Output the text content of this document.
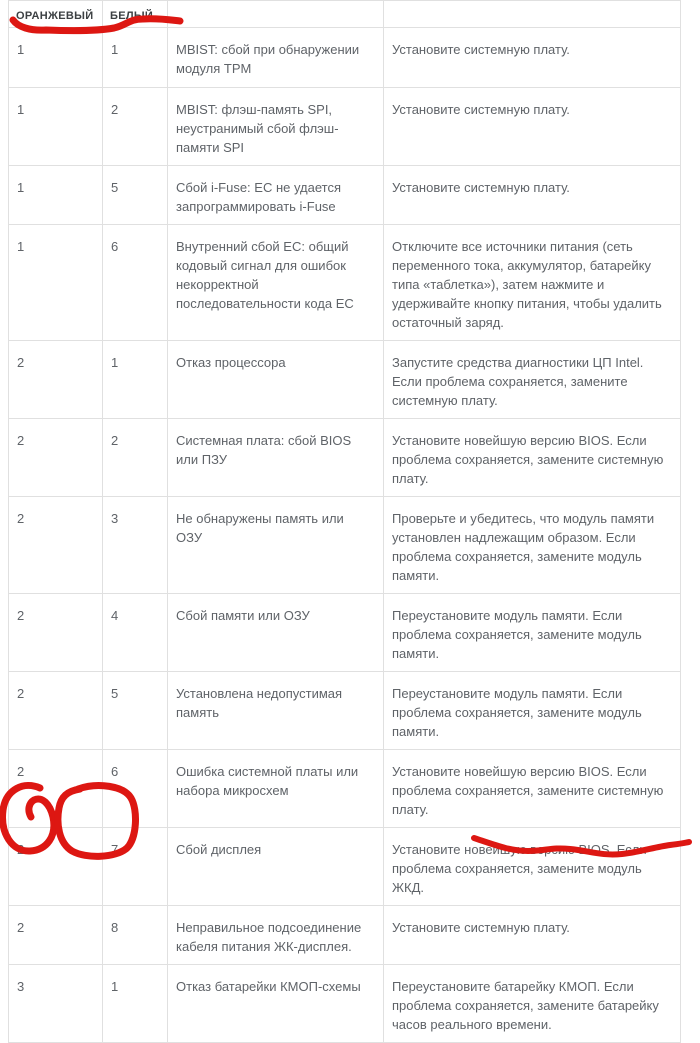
ОРАНЖЕВЫЙ	БЕЛЫЙ		
1	1	MBIST: сбой при обнаружении модуля TPM	Установите системную плату.
1	2	MBIST: флэш-память SPI, неустранимый сбой флэш-памяти SPI	Установите системную плату.
1	5	Сбой i-Fuse: EC не удается запрограммировать i-Fuse	Установите системную плату.
1	6	Внутренний сбой EC: общий кодовый сигнал для ошибок некорректной последовательности кода EC	Отключите все источники питания (сеть переменного тока, аккумулятор, батарейку типа «таблетка»), затем нажмите и удерживайте кнопку питания, чтобы удалить остаточный заряд.
2	1	Отказ процессора	Запустите средства диагностики ЦП Intel. Если проблема сохраняется, замените системную плату.
2	2	Системная плата: сбой BIOS или ПЗУ	Установите новейшую версию BIOS. Если проблема сохраняется, замените системную плату.
2	3	Не обнаружены память или ОЗУ	Проверьте и убедитесь, что модуль памяти установлен надлежащим образом. Если проблема сохраняется, замените модуль памяти.
2	4	Сбой памяти или ОЗУ	Переустановите модуль памяти. Если проблема сохраняется, замените модуль памяти.
2	5	Установлена недопустимая память	Переустановите модуль памяти. Если проблема сохраняется, замените модуль памяти.
2	6	Ошибка системной платы или набора микросхем	Установите новейшую версию BIOS. Если проблема сохраняется, замените системную плату.
2	7	Сбой дисплея	Установите новейшую версию BIOS. Если проблема сохраняется, замените модуль ЖКД.
2	8	Неправильное подсоединение кабеля питания ЖК-дисплея.	Установите системную плату.
3	1	Отказ батарейки КМОП-схемы	Переустановите батарейку КМОП. Если проблема сохраняется, замените батарейку часов реального времени.
